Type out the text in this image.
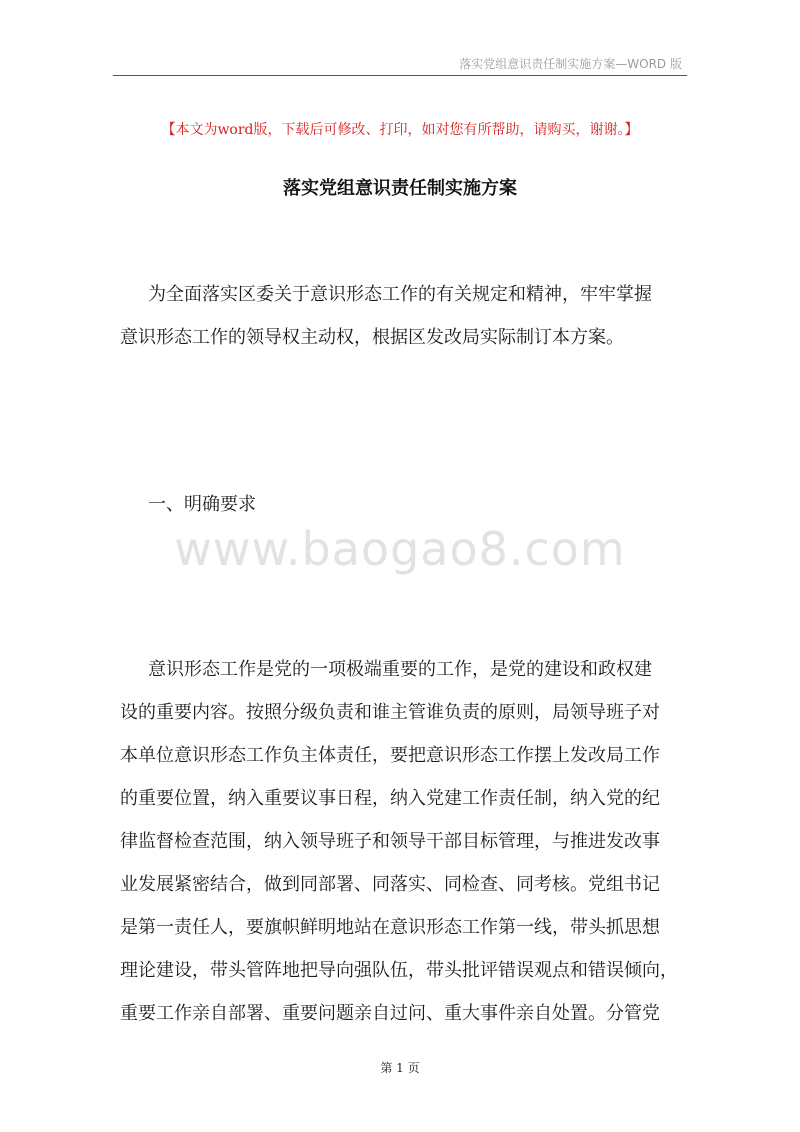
落实党组意识责任制实施方案—WORD 版
【本文为word版，下载后可修改、打印，如对您有所帮助，请购买，谢谢。】
落实党组意识责任制实施方案
为全面落实区委关于意识形态工作的有关规定和精神，牢牢掌握
意识形态工作的领导权主动权，根据区发改局实际制订本方案。
一、明确要求
www.baogao8.com
意识形态工作是党的一项极端重要的工作，是党的建设和政权建
设的重要内容。按照分级负责和谁主管谁负责的原则，局领导班子对
本单位意识形态工作负主体责任，要把意识形态工作摆上发改局工作
的重要位置，纳入重要议事日程，纳入党建工作责任制，纳入党的纪
律监督检查范围，纳入领导班子和领导干部目标管理，与推进发改事
业发展紧密结合，做到同部署、同落实、同检查、同考核。党组书记
是第一责任人，要旗帜鲜明地站在意识形态工作第一线，带头抓思想
理论建设，带头管阵地把导向强队伍，带头批评错误观点和错误倾向，
重要工作亲自部署、重要问题亲自过问、重大事件亲自处置。分管党
第 1 页
